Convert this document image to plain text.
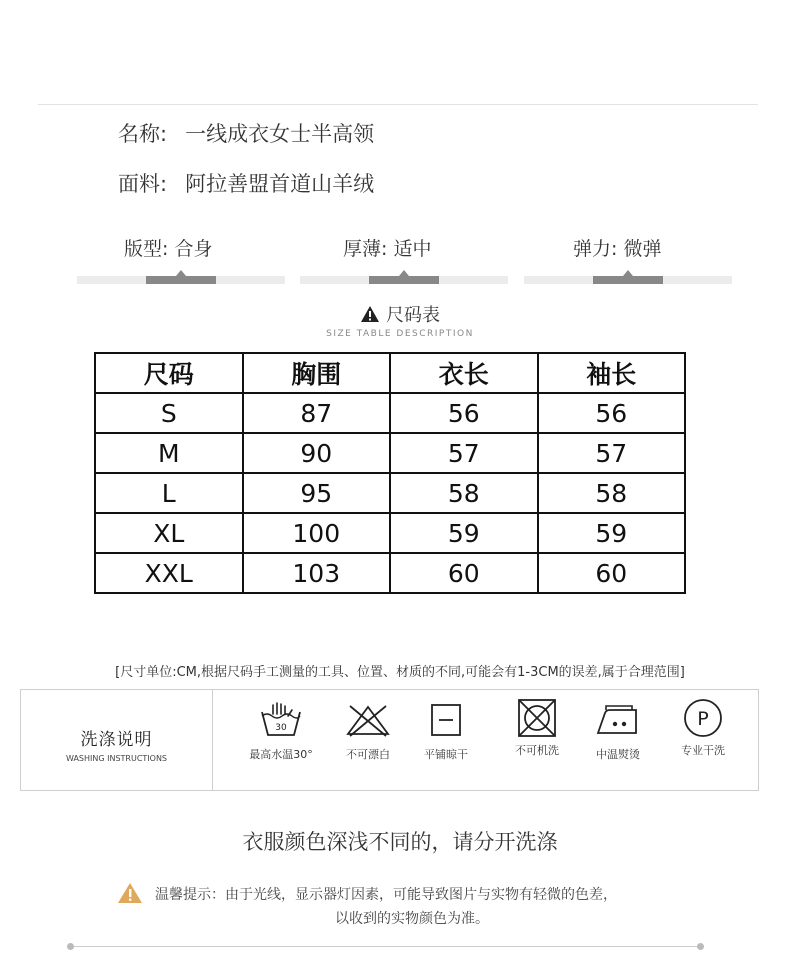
名称: 一线成衣女士半高领
面料: 阿拉善盟首道山羊绒
版型: 合身	厚薄: 适中	弹力: 微弹
尺码表
SIZE TABLE DESCRIPTION
尺码	胸围	衣长	袖长
S	87	56	56
M	90	57	57
L	95	58	58
XL	100	59	59
XXL	103	60	60
[尺寸单位:CM,根据尺码手工测量的工具、位置、材质的不同,可能会有1-3CM的误差,属于合理范围]
洗涤说明
WASHING INSTRUCTIONS
30
最高水温30°	不可漂白	平铺晾干	不可机洗	中温熨烫
P
专业干洗
衣服颜色深浅不同的，请分开洗涤
温馨提示：由于光线，显示器灯因素，可能导致图片与实物有轻微的色差，
以收到的实物颜色为准。
